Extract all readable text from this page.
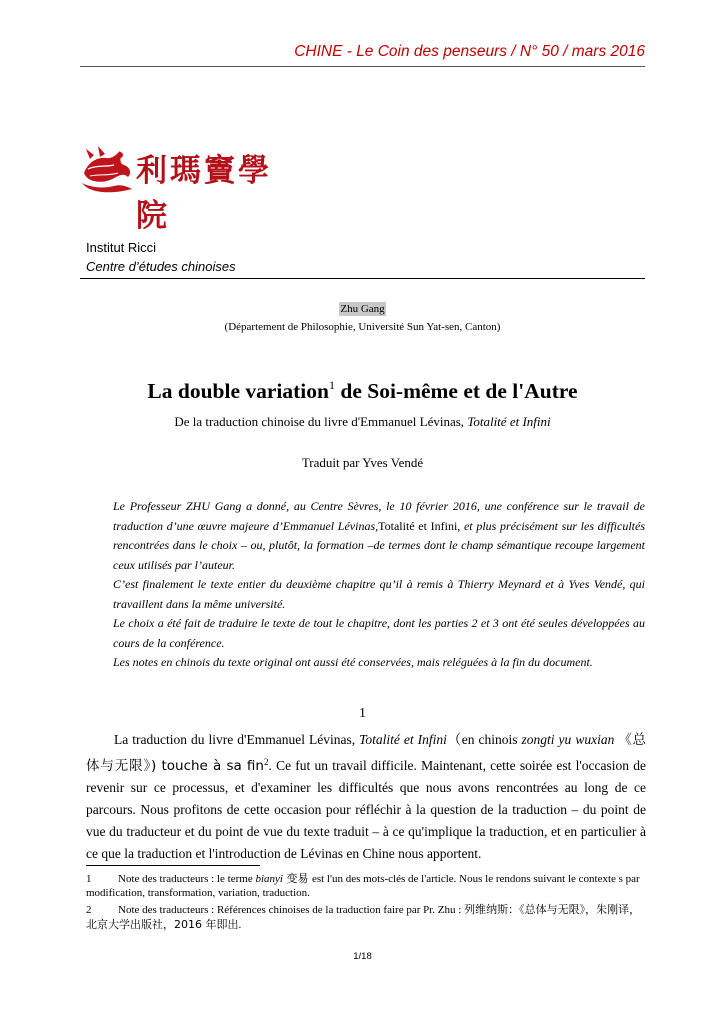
CHINE - Le Coin des penseurs / N° 50 / mars 2016
利瑪竇學院
Institut Ricci
Centre d’études chinoises
Zhu Gang
(Département de Philosophie, Université Sun Yat-sen, Canton)
La double variation$^1$ de Soi-même et de l'Autre
De la traduction chinoise du livre d'Emmanuel Lévinas, Totalité et Infini
Traduit par Yves Vendé

Le Professeur ZHU Gang a donné, au Centre Sèvres, le 10 février 2016, une conférence sur le travail de traduction d’une œuvre majeure d’Emmanuel Lévinas,Totalité et Infini, et plus précisément sur les difficultés rencontrées dans le choix – ou, plutôt, la formation –de termes dont le champ sémantique recoupe largement ceux utilisés par l’auteur.

C’est finalement le texte entier du deuxième chapitre qu’il à remis à Thierry Meynard et à Yves Vendé, qui travaillent dans la même université.

Le choix a été fait de traduire le texte de tout le chapitre, dont les parties 2 et 3 ont été seules développées au cours de la conférence.

Les notes en chinois du texte original ont aussi été conservées, mais reléguées à la fin du document.

1

La traduction du livre d'Emmanuel Lévinas, Totalité et Infini（en chinois zongti yu wuxian 《总体与无限》) touche à sa fin$^2$. Ce fut un travail difficile. Maintenant, cette soirée est l'occasion de revenir sur ce processus, et d'examiner les difficultés que nous avons rencontrées au long de ce parcours. Nous profitons de cette occasion pour réfléchir à la question de la traduction – du point de vue du traducteur et du point de vue du texte traduit – à ce qu'implique la traduction, et en particulier à ce que la traduction et l'introduction de Lévinas en Chine nous apportent.

1 Note des traducteurs : le terme bianyi 变易 est l'un des mots-clés de l'article. Nous le rendons suivant le contexte s par modification, transformation, variation, traduction.
2 Note des traducteurs : Références chinoises de la traduction faire par Pr. Zhu : 列维纳斯：《总体与无限》，朱刚译，北京大学出版社，2016 年即出.
1/18
